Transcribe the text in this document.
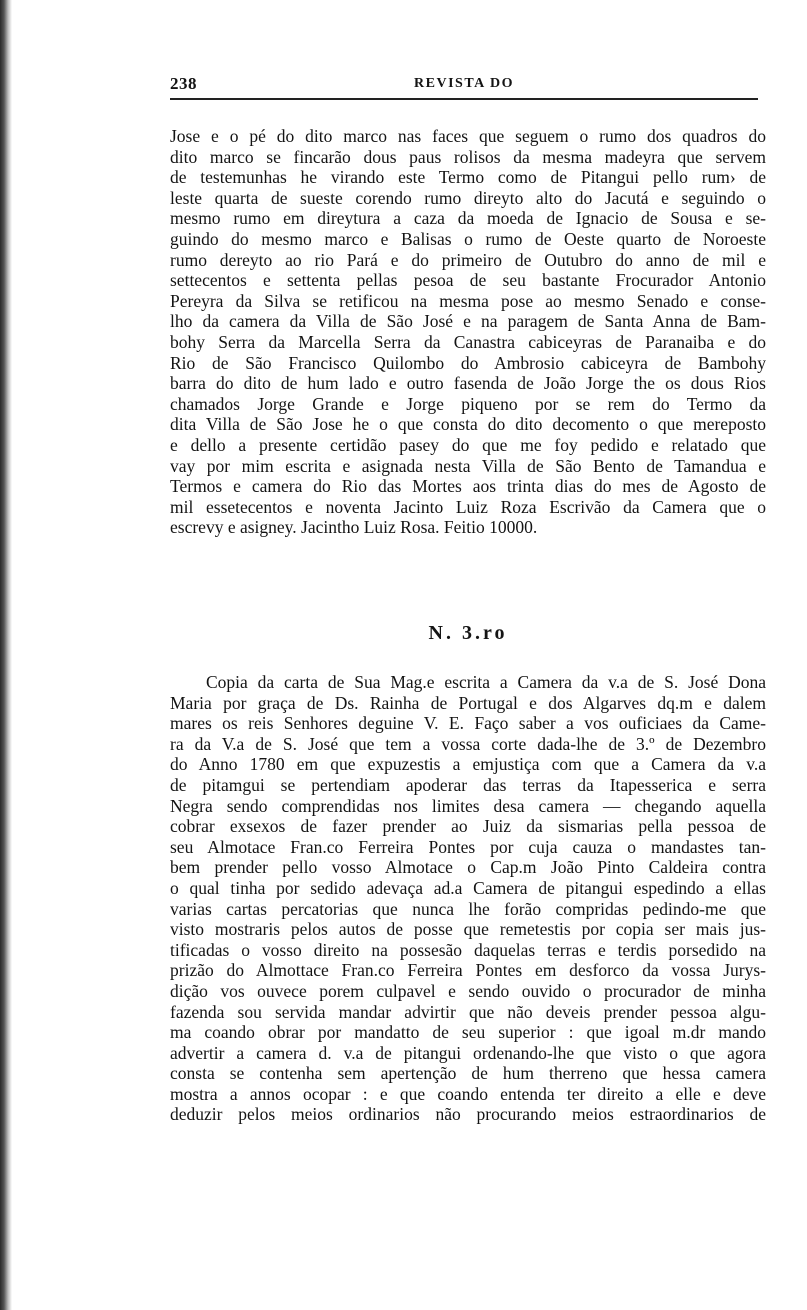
238	REVISTA DO
Jose e o pé do dito marco nas faces que seguem o rumo dos quadros do
dito marco se fincarão dous paus rolisos da mesma madeyra que servem
de testemunhas he virando este Termo como de Pitangui pello rum› de
leste quarta de sueste corendo rumo direyto alto do Jacutá e seguindo o
mesmo rumo em direytura a caza da moeda de Ignacio de Sousa e se-
guindo do mesmo marco e Balisas o rumo de Oeste quarto de Noroeste
rumo dereyto ao rio Pará e do primeiro de Outubro do anno de mil e
settecentos e settenta pellas pesoa de seu bastante Frocurador Antonio
Pereyra da Silva se retificou na mesma pose ao mesmo Senado e conse-
lho da camera da Villa de São José e na paragem de Santa Anna de Bam-
bohy Serra da Marcella Serra da Canastra cabiceyras de Paranaiba e do
Rio de São Francisco Quilombo do Ambrosio cabiceyra de Bambohy
barra do dito de hum lado e outro fasenda de João Jorge the os dous Rios
chamados Jorge Grande e Jorge piqueno por se rem do Termo da
dita Villa de São Jose he o que consta do dito decomento o que mereposto
e dello a presente certidão pasey do que me foy pedido e relatado que
vay por mim escrita e asignada nesta Villa de São Bento de Tamandua e
Termos e camera do Rio das Mortes aos trinta dias do mes de Agosto de
mil essetecentos e noventa Jacinto Luiz Roza Escrivão da Camera que o
escrevy e asigney. Jacintho Luiz Rosa. Feitio 10000.
N. 3.ro
Copia da carta de Sua Mag.e escrita a Camera da v.a de S. José Dona
Maria por graça de Ds. Rainha de Portugal e dos Algarves dq.m e dalem
mares os reis Senhores deguine V. E. Faço saber a vos ouficiaes da Came-
ra da V.a de S. José que tem a vossa corte dada-lhe de 3.º de Dezembro
do Anno 1780 em que expuzestis a emjustiça com que a Camera da v.a
de pitamgui se pertendiam apoderar das terras da Itapesserica e serra
Negra sendo comprendidas nos limites desa camera — chegando aquella
cobrar exsexos de fazer prender ao Juiz da sismarias pella pessoa de
seu Almotace Fran.co Ferreira Pontes por cuja cauza o mandastes tan-
bem prender pello vosso Almotace o Cap.m João Pinto Caldeira contra
o qual tinha por sedido adevaça ad.a Camera de pitangui espedindo a ellas
varias cartas percatorias que nunca lhe forão compridas pedindo-me que
visto mostraris pelos autos de posse que remetestis por copia ser mais jus-
tificadas o vosso direito na possesão daquelas terras e terdis porsedido na
prizão do Almottace Fran.co Ferreira Pontes em desforco da vossa Jurys-
dição vos ouvece porem culpavel e sendo ouvido o procurador de minha
fazenda sou servida mandar advirtir que não deveis prender pessoa algu-
ma coando obrar por mandatto de seu superior : que igoal m.dr mando
advertir a camera d. v.a de pitangui ordenando-lhe que visto o que agora
consta se contenha sem apertenção de hum therreno que hessa camera
mostra a annos ocopar : e que coando entenda ter direito a elle e deve
deduzir pelos meios ordinarios não procurando meios estraordinarios de
